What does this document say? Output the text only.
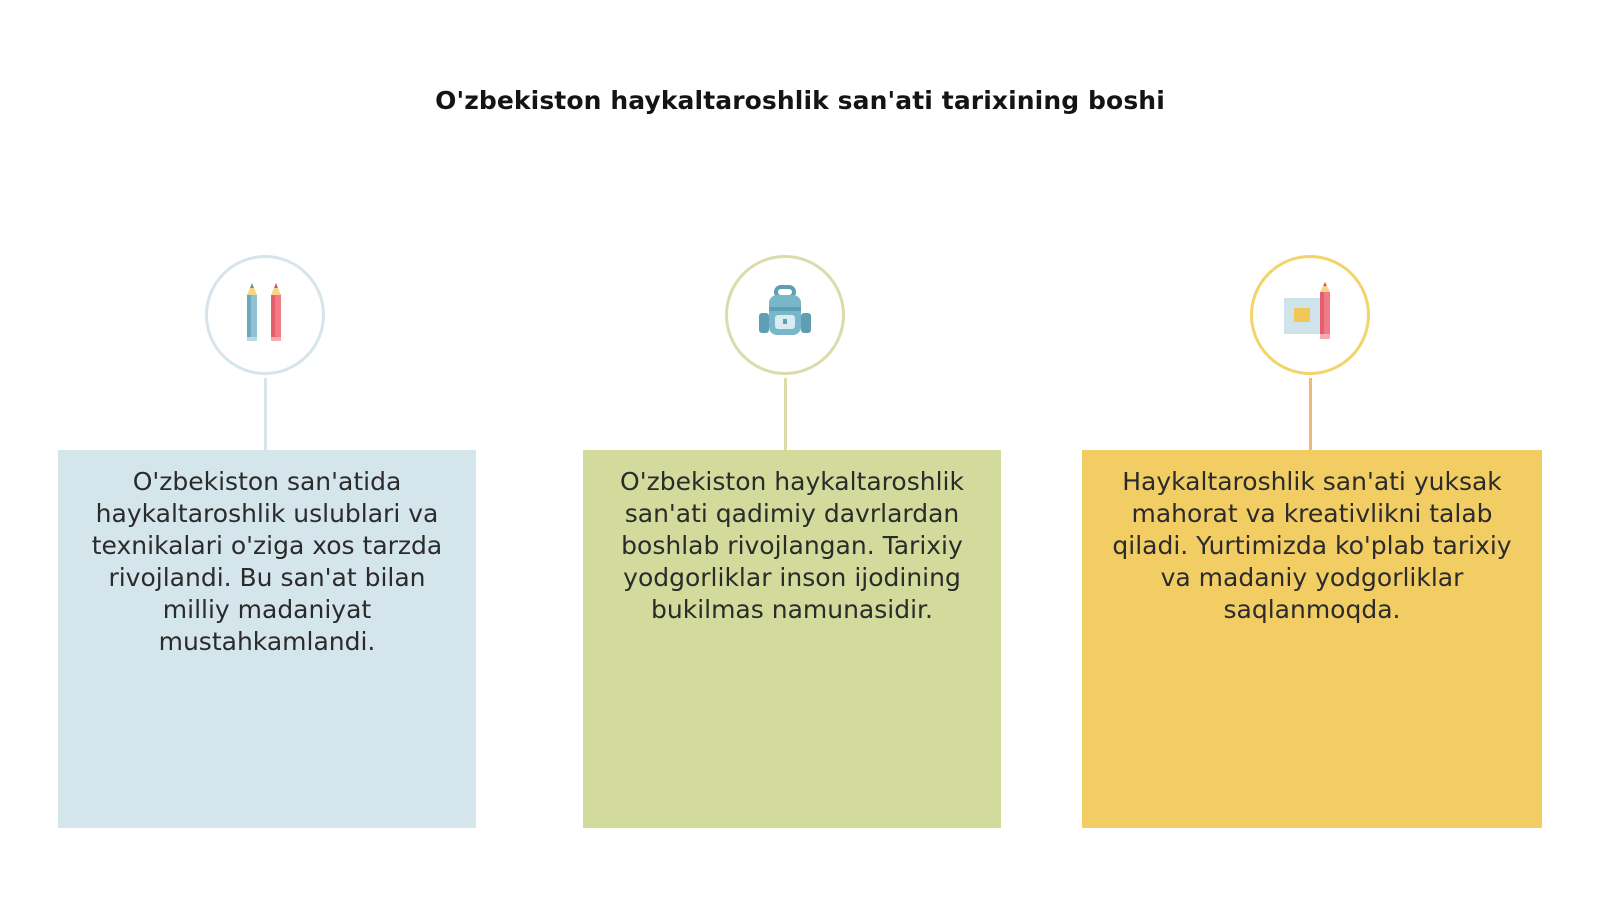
O'zbekiston haykaltaroshlik san'ati tarixining boshi

O'zbekiston san'atida haykaltaroshlik uslublari va texnikalari o'ziga xos tarzda rivojlandi. Bu san'at bilan milliy madaniyat mustahkamlandi.

O'zbekiston haykaltaroshlik san'ati qadimiy davrlardan boshlab rivojlangan. Tarixiy yodgorliklar inson ijodining bukilmas namunasidir.

Haykaltaroshlik san'ati yuksak mahorat va kreativlikni talab qiladi. Yurtimizda ko'plab tarixiy va madaniy yodgorliklar saqlanmoqda.
